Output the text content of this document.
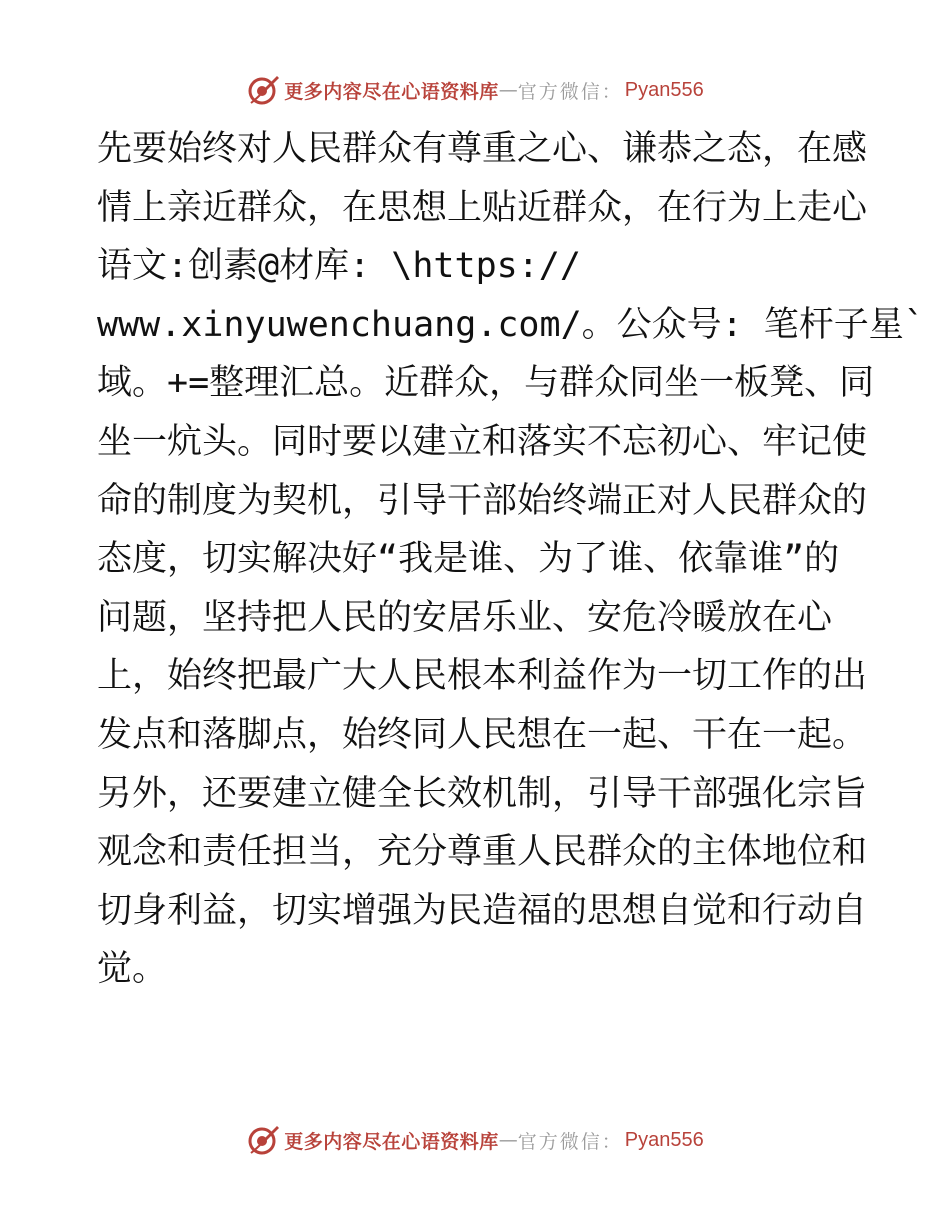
更多内容尽在心语资料库 — 官方微信： Pyan556
先要始终对人民群众有尊重之心、谦恭之态，在感
情上亲近群众，在思想上贴近群众，在行为上走心
语文:创素@材库: \https://
www.xinyuwenchuang.com/。公众号: 笔杆子星`
域。+=整理汇总。近群众，与群众同坐一板凳、同
坐一炕头。同时要以建立和落实不忘初心、牢记使
命的制度为契机，引导干部始终端正对人民群众的
态度，切实解决好“我是谁、为了谁、依靠谁”的
问题，坚持把人民的安居乐业、安危冷暖放在心
上，始终把最广大人民根本利益作为一切工作的出
发点和落脚点，始终同人民想在一起、干在一起。
另外，还要建立健全长效机制，引导干部强化宗旨
观念和责任担当，充分尊重人民群众的主体地位和
切身利益，切实增强为民造福的思想自觉和行动自
觉。
更多内容尽在心语资料库 — 官方微信： Pyan556
